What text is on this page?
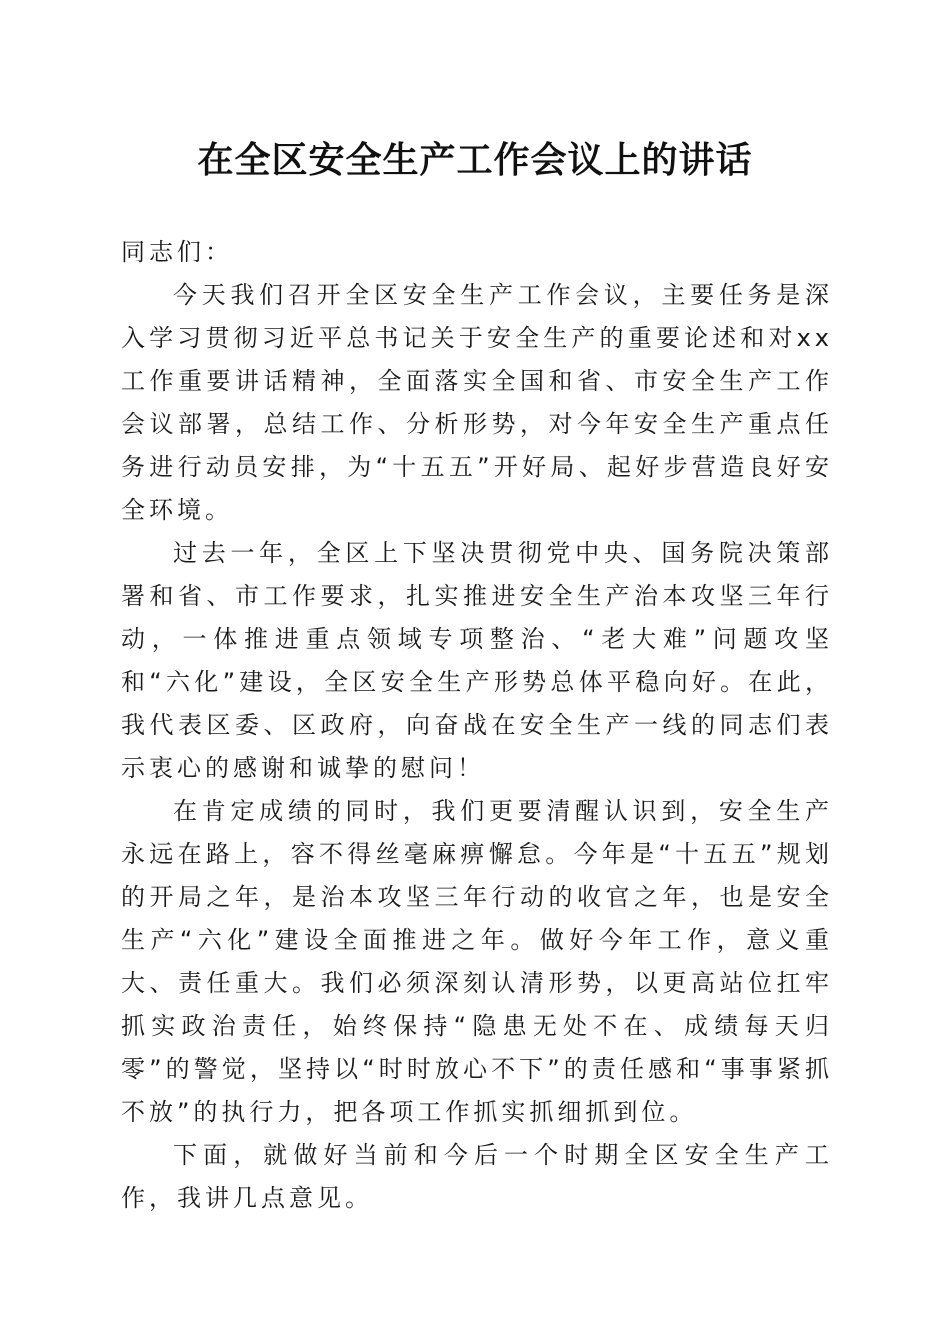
在全区安全生产工作会议上的讲话

同志们：

今天我们召开全区安全生产工作会议，主要任务是深入学习贯彻习近平总书记关于安全生产的重要论述和对xx工作重要讲话精神，全面落实全国和省、市安全生产工作会议部署，总结工作、分析形势，对今年安全生产重点任务进行动员安排，为“十五五”开好局、起好步营造良好安全环境。

过去一年，全区上下坚决贯彻党中央、国务院决策部署和省、市工作要求，扎实推进安全生产治本攻坚三年行动，一体推进重点领域专项整治、“老大难”问题攻坚和“六化”建设，全区安全生产形势总体平稳向好。在此，我代表区委、区政府，向奋战在安全生产一线的同志们表示衷心的感谢和诚挚的慰问！

在肯定成绩的同时，我们更要清醒认识到，安全生产永远在路上，容不得丝毫麻痹懈怠。今年是“十五五”规划的开局之年，是治本攻坚三年行动的收官之年，也是安全生产“六化”建设全面推进之年。做好今年工作，意义重大、责任重大。我们必须深刻认清形势，以更高站位扛牢抓实政治责任，始终保持“隐患无处不在、成绩每天归零”的警觉，坚持以“时时放心不下”的责任感和“事事紧抓不放”的执行力，把各项工作抓实抓细抓到位。

下面，就做好当前和今后一个时期全区安全生产工作，我讲几点意见。
